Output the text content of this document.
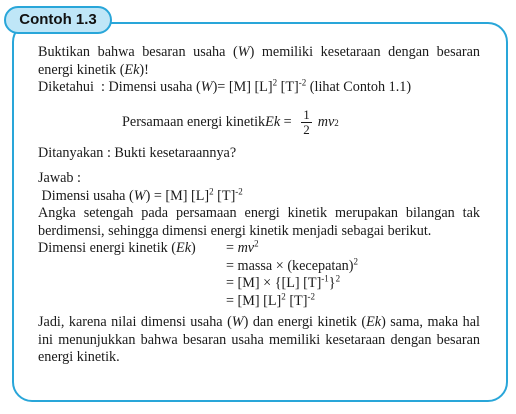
Contoh 1.3

Buktikan bahwa besaran usaha (W) memiliki kesetaraan dengan besaran energi kinetik (Ek)!

Diketahui  : Dimensi usaha (W)= [M] $[L]^2$ $[T]^{-2}$ (lihat Contoh 1.1)

Persamaan energi kinetik $Ek = \frac{1}{2}$ mv 2

Ditanyakan : Bukti kesetaraannya?

Jawab :

Dimensi usaha (W) = [M] $[L]^2$ $[T]^{-2}$

Angka setengah pada persamaan energi kinetik merupakan bilangan tak berdimensi, sehingga dimensi energi kinetik menjadi sebagai berikut.

Dimensi energi kinetik (Ek)	= $mv^2$
= massa × (kecepatan)$^2$
= [M] × {[L] $[T]^{-1}\}^2$
= [M] $[L]^2$ $[T]^{-2}$

Jadi, karena nilai dimensi usaha (W) dan energi kinetik (Ek) sama, maka hal ini menunjukkan bahwa besaran usaha memiliki kesetaraan dengan besaran energi kinetik.
